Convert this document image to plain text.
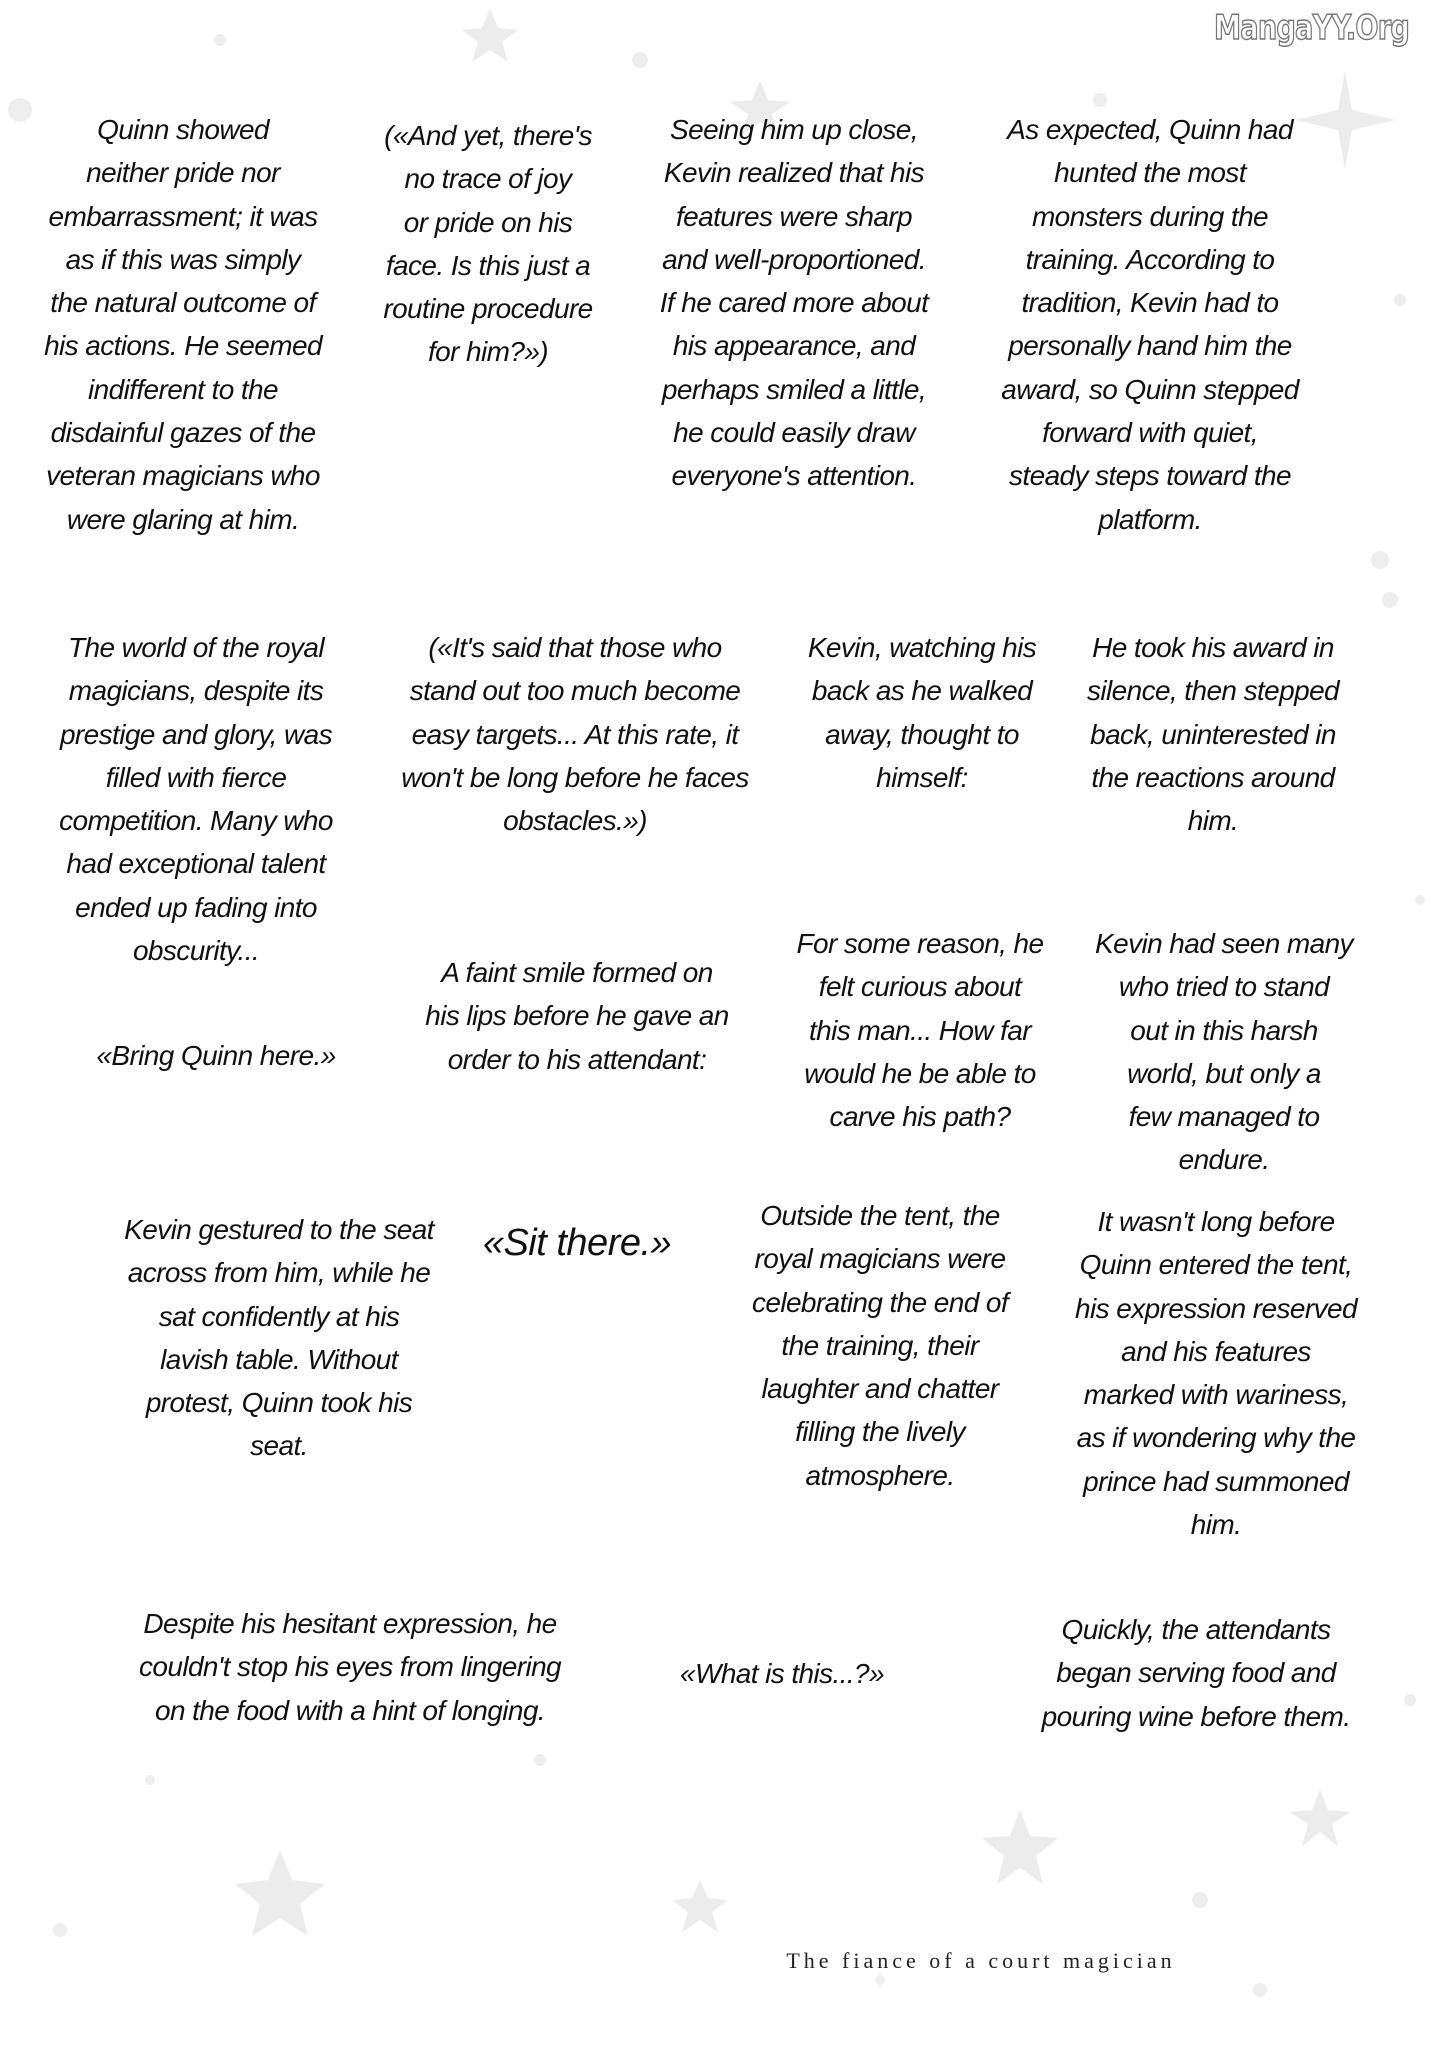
MangaYY.Org
Quinn showed
neither pride nor
embarrassment; it was
as if this was simply
the natural outcome of
his actions. He seemed
indifferent to the
disdainful gazes of the
veteran magicians who
were glaring at him.
(«And yet, there's
no trace of joy
or pride on his
face. Is this just a
routine procedure
for him?»)
Seeing him up close,
Kevin realized that his
features were sharp
and well-proportioned.
If he cared more about
his appearance, and
perhaps smiled a little,
he could easily draw
everyone's attention.
As expected, Quinn had
hunted the most
monsters during the
training. According to
tradition, Kevin had to
personally hand him the
award, so Quinn stepped
forward with quiet,
steady steps toward the
platform.
The world of the royal
magicians, despite its
prestige and glory, was
filled with fierce
competition. Many who
had exceptional talent
ended up fading into
obscurity...
(«It's said that those who
stand out too much become
easy targets... At this rate, it
won't be long before he faces
obstacles.»)
Kevin, watching his
back as he walked
away, thought to
himself:
He took his award in
silence, then stepped
back, uninterested in
the reactions around
him.
«Bring Quinn here.»
A faint smile formed on
his lips before he gave an
order to his attendant:
For some reason, he
felt curious about
this man... How far
would he be able to
carve his path?
Kevin had seen many
who tried to stand
out in this harsh
world, but only a
few managed to
endure.
Kevin gestured to the seat
across from him, while he
sat confidently at his
lavish table. Without
protest, Quinn took his
seat.
«Sit there.»
Outside the tent, the
royal magicians were
celebrating the end of
the training, their
laughter and chatter
filling the lively
atmosphere.
It wasn't long before
Quinn entered the tent,
his expression reserved
and his features
marked with wariness,
as if wondering why the
prince had summoned
him.
Despite his hesitant expression, he
couldn't stop his eyes from lingering
on the food with a hint of longing.
«What is this...?»
Quickly, the attendants
began serving food and
pouring wine before them.
The fiance of a court magician
